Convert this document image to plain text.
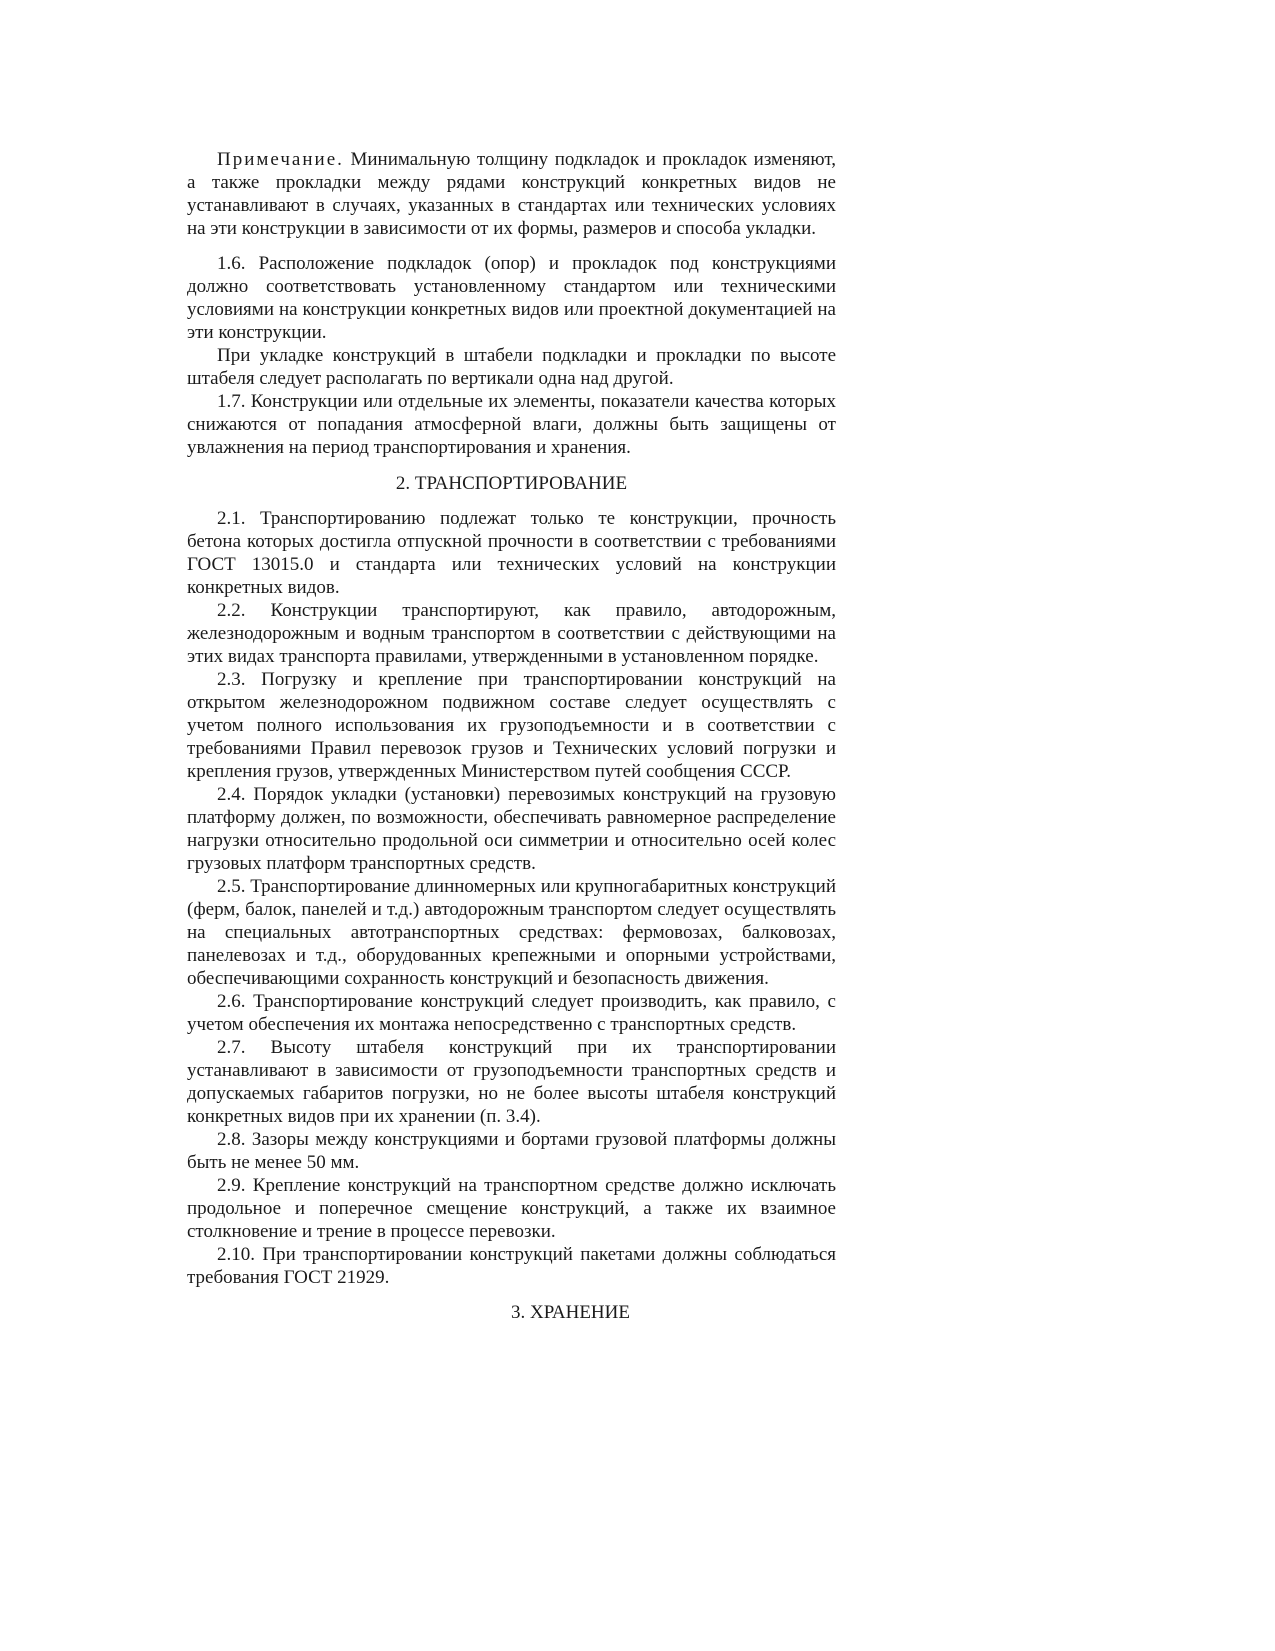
Примечание. Минимальную толщину подкладок и прокладок изменяют, а также прокладки между рядами конструкций конкретных видов не устанавливают в случаях, указанных в стандартах или технических условиях на эти конструкции в зависимости от их формы, размеров и способа укладки.

1.6. Расположение подкладок (опор) и прокладок под конструкциями должно соответствовать установленному стандартом или техническими условиями на конструкции конкретных видов или проектной документацией на эти конструкции.

При укладке конструкций в штабели подкладки и прокладки по высоте штабеля следует располагать по вертикали одна над другой.

1.7. Конструкции или отдельные их элементы, показатели качества которых снижаются от попадания атмосферной влаги, должны быть защищены от увлажнения на период транспортирования и хранения.

2. ТРАНСПОРТИРОВАНИЕ

2.1. Транспортированию подлежат только те конструкции, прочность бетона которых достигла отпускной прочности в соответствии с требованиями ГОСТ 13015.0 и стандарта или технических условий на конструкции конкретных видов.

2.2. Конструкции транспортируют, как правило, автодорожным, железнодорожным и водным транспортом в соответствии с действующими на этих видах транспорта правилами, утвержденными в установленном порядке.

2.3. Погрузку и крепление при транспортировании конструкций на открытом железнодорожном подвижном составе следует осуществлять с учетом полного использования их грузоподъемности и в соответствии с требованиями Правил перевозок грузов и Технических условий погрузки и крепления грузов, утвержденных Министерством путей сообщения СССР.

2.4. Порядок укладки (установки) перевозимых конструкций на грузовую платформу должен, по возможности, обеспечивать равномерное распределение нагрузки относительно продольной оси симметрии и относительно осей колес грузовых платформ транспортных средств.

2.5. Транспортирование длинномерных или крупногабаритных конструкций (ферм, балок, панелей и т.д.) автодорожным транспортом следует осуществлять на специальных автотранспортных средствах: фермовозах, балковозах, панелевозах и т.д., оборудованных крепежными и опорными устройствами, обеспечивающими сохранность конструкций и безопасность движения.

2.6. Транспортирование конструкций следует производить, как правило, с учетом обеспечения их монтажа непосредственно с транспортных средств.

2.7. Высоту штабеля конструкций при их транспортировании устанавливают в зависимости от грузоподъемности транспортных средств и допускаемых габаритов погрузки, но не более высоты штабеля конструкций конкретных видов при их хранении (п. 3.4).

2.8. Зазоры между конструкциями и бортами грузовой платформы должны быть не менее 50 мм.

2.9. Крепление конструкций на транспортном средстве должно исключать продольное и поперечное смещение конструкций, а также их взаимное столкновение и трение в процессе перевозки.

2.10. При транспортировании конструкций пакетами должны соблюдаться требования ГОСТ 21929.

3. ХРАНЕНИЕ
